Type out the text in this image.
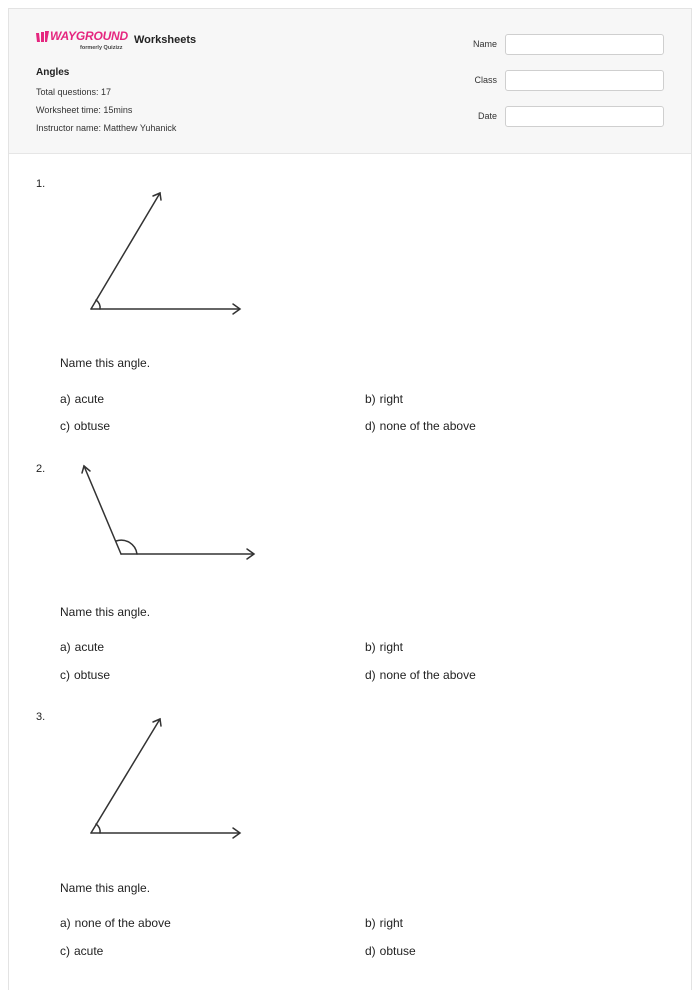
WAYGROUND
formerly Quizizz
Worksheets
Angles
Total questions: 17
Worksheet time: 15mins
Instructor name: Matthew Yuhanick
Name
Class
Date
1.
Name this angle.
a) acute	b) right
c) obtuse	d) none of the above
2.
Name this angle.
a) acute	b) right
c) obtuse	d) none of the above
3.
Name this angle.
a) none of the above	b) right
c) acute	d) obtuse
